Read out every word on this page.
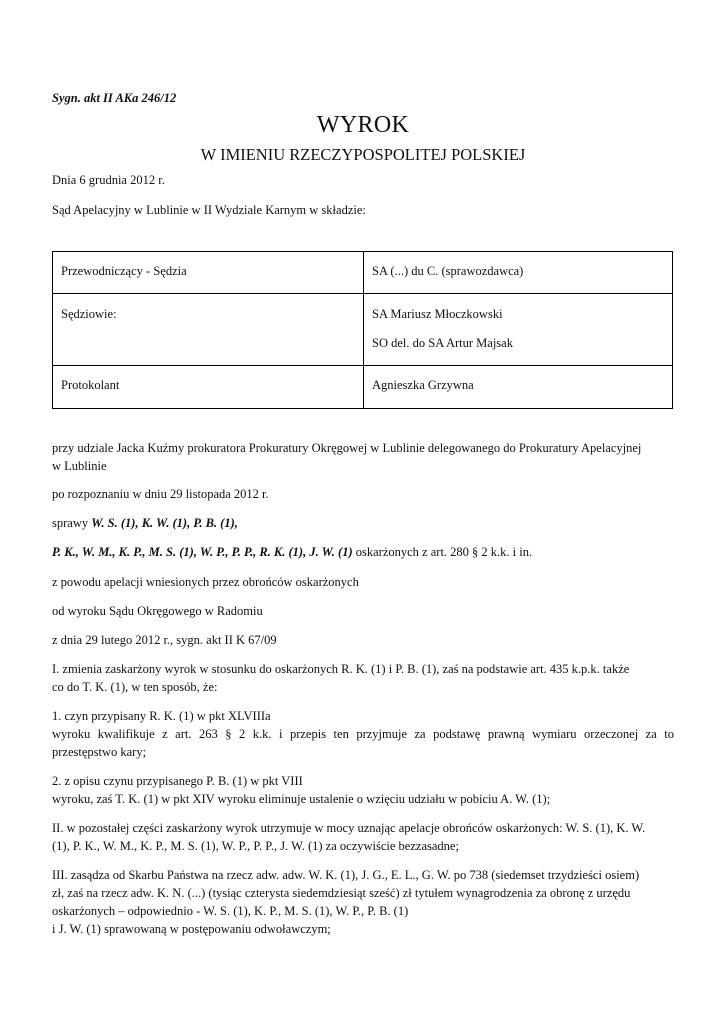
Sygn. akt II AKa 246/12
WYROK
W IMIENIU RZECZYPOSPOLITEJ POLSKIEJ
Dnia 6 grudnia 2012 r.
Sąd Apelacyjny w Lublinie w II Wydziale Karnym w składzie:
Przewodniczący - Sędzia	SA (...) du C. (sprawozdawca)

Sędziowie:	SA Mariusz Młoczkowski
SO del. do SA Artur Majsak

Protokolant	Agnieszka Grzywna
przy udziale Jacka Kuźmy prokuratora Prokuratury Okręgowej w Lublinie delegowanego do Prokuratury Apelacyjnej
w Lublinie
po rozpoznaniu w dniu 29 listopada 2012 r.
sprawy W. S. (1), K. W. (1), P. B. (1),
P. K., W. M., K. P., M. S. (1), W. P., P. P., R. K. (1), J. W. (1) oskarżonych z art. 280 § 2 k.k. i in.
z powodu apelacji wniesionych przez obrońców oskarżonych
od wyroku Sądu Okręgowego w Radomiu
z dnia 29 lutego 2012 r., sygn. akt II K 67/09
I. zmienia zaskarżony wyrok w stosunku do oskarżonych R. K. (1) i P. B. (1), zaś na podstawie art. 435 k.p.k. także
co do T. K. (1), w ten sposób, że:
1. czyn przypisany R. K. (1) w pkt XLVIIIa
wyroku kwalifikuje z art. 263 § 2 k.k. i przepis ten przyjmuje za podstawę prawną wymiaru orzeczonej za to
przestępstwo kary;
2. z opisu czynu przypisanego P. B. (1) w pkt VIII
wyroku, zaś T. K. (1) w pkt XIV wyroku eliminuje ustalenie o wzięciu udziału w pobiciu A. W. (1);
II. w pozostałej części zaskarżony wyrok utrzymuje w mocy uznając apelacje obrońców oskarżonych: W. S. (1), K. W.
(1), P. K., W. M., K. P., M. S. (1), W. P., P. P., J. W. (1) za oczywiście bezzasadne;
III. zasądza od Skarbu Państwa na rzecz adw. adw. W. K. (1), J. G., E. L., G. W. po 738 (siedemset trzydzieści osiem)
zł, zaś na rzecz adw. K. N. (...) (tysiąc czterysta siedemdziesiąt sześć) zł tytułem wynagrodzenia za obronę z urzędu
oskarżonych – odpowiednio - W. S. (1), K. P., M. S. (1), W. P., P. B. (1)
i J. W. (1) sprawowaną w postępowaniu odwoławczym;
